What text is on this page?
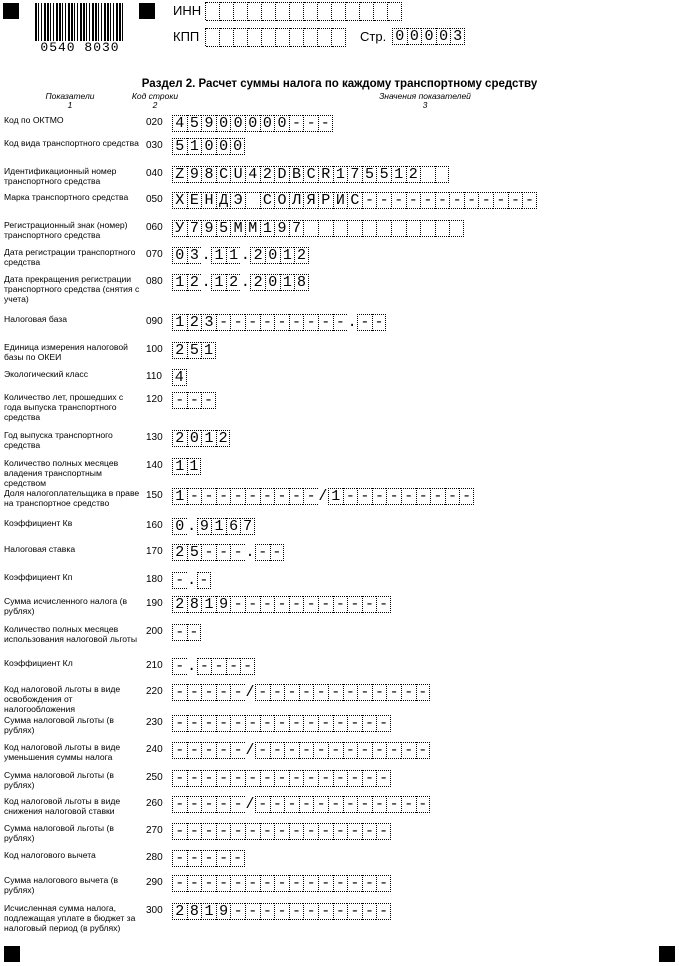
0540 8030
ИНН
КПП	Стр. 0 0 0 0 3
Раздел 2. Расчет суммы налога по каждому транспортному средству
Показатели
1
Код строки
2
Значения показателей
3
Код по ОКТМО	020 4 5 9 0 0 0 0 0 - - -
Код вида транспортного средства 030 5 1 0 0 0
Идентификационный номер транспортного средства
040 Z 9 8 C U 4 2 D B C R 1 7 5 5 1 2
Марка транспортного средства	050 Х Е Н Д Э С О Л Я Р И С - - - - - - - - - - - -
Регистрационный знак (номер) транспортного средства
060 У 7 9 5 М М 1 9 7
Дата регистрации транспортного средства
070 0 3 . 1 1 . 2 0 1 2
Дата прекращения регистрации транспортного средства (снятия с учета)
080 1 2 . 1 2 . 2 0 1 8
Налоговая база	090 1 2 3 - - - - - - - - - . - -
Единица измерения налоговой базы по ОКЕИ
100 2 5 1
Экологический класс	110 4
Количество лет, прошедших с года выпуска транспортного средства
120 - - -
Год выпуска транспортного средства
130 2 0 1 2
Количество полных месяцев владения транспортным средством
140 1 1
Доля налогоплательщика в праве на транспортное средство
150 1 - - - - - - - - - / 1 - - - - - - - - -
Коэффициент Кв	160 0 . 9 1 6 7
Налоговая ставка	170 2 5 - - - . - -
Коэффициент Кп	180 - . -
Сумма исчисленного налога (в рублях)
190 2 8 1 9 - - - - - - - - - - -
Количество полных месяцев использования налоговой льготы
200 - -
Коэффициент Кл	210 - . - - - -
Код налоговой льготы в виде освобождения от налогообложения
220 - - - - - / - - - - - - - - - - - -
Сумма налоговой льготы (в рублях)
230 - - - - - - - - - - - - - - -
Код налоговой льготы в виде уменьшения суммы налога
240 - - - - - / - - - - - - - - - - - -
Сумма налоговой льготы (в рублях)
250 - - - - - - - - - - - - - - -
Код налоговой льготы в виде снижения налоговой ставки
260 - - - - - / - - - - - - - - - - - -
Сумма налоговой льготы (в рублях)
270 - - - - - - - - - - - - - - -
Код налогового вычета	280 - - - - -
Сумма налогового вычета (в рублях)
290 - - - - - - - - - - - - - - -
Исчисленная сумма налога, подлежащая уплате в бюджет за налоговый период (в рублях)
300 2 8 1 9 - - - - - - - - - - -
